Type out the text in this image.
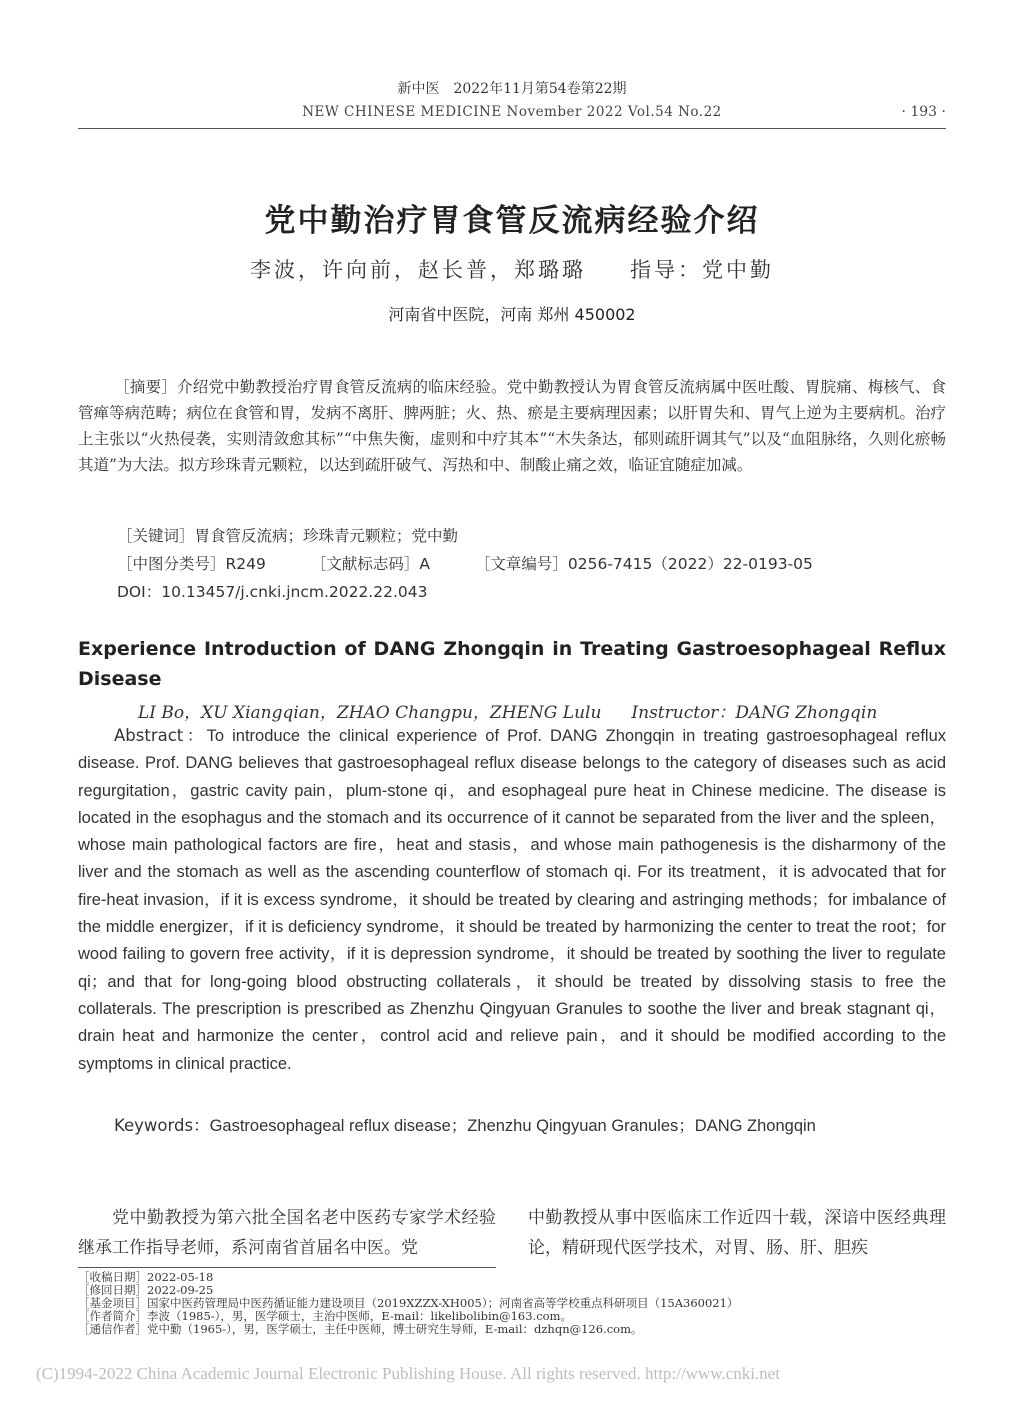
新中医　2022年11月第54卷第22期
NEW CHINESE MEDICINE November 2022 Vol.54 No.22	· 193 ·
党中勤治疗胃食管反流病经验介绍
李波，许向前，赵长普，郑璐璐 指导：党中勤
河南省中医院，河南 郑州 450002
［摘要］介绍党中勤教授治疗胃食管反流病的临床经验。党中勤教授认为胃食管反流病属中医吐酸、胃脘痛、梅核气、食管瘅等病范畴；病位在食管和胃，发病不离肝、脾两脏；火、热、瘀是主要病理因素；以肝胃失和、胃气上逆为主要病机。治疗上主张以“火热侵袭，实则清敛愈其标”“中焦失衡，虚则和中疗其本”“木失条达，郁则疏肝调其气”以及“血阻脉络，久则化瘀畅其道”为大法。拟方珍珠青元颗粒，以达到疏肝破气、泻热和中、制酸止痛之效，临证宜随症加减。
［关键词］胃食管反流病；珍珠青元颗粒；党中勤
［中图分类号］R249	［文献标志码］A	［文章编号］0256-7415（2022）22-0193-05
DOI：10.13457/j.cnki.jncm.2022.22.043
Experience Introduction of DANG Zhongqin in Treating Gastroesophageal Reflux Disease
LI Bo，XU Xiangqian，ZHAO Changpu，ZHENG Lulu Instructor：DANG Zhongqin
Abstract：To introduce the clinical experience of Prof. DANG Zhongqin in treating gastroesophageal reflux disease. Prof. DANG believes that gastroesophageal reflux disease belongs to the category of diseases such as acid regurgitation，gastric cavity pain，plum-stone qi，and esophageal pure heat in Chinese medicine. The disease is located in the esophagus and the stomach and its occurrence of it cannot be separated from the liver and the spleen，whose main pathological factors are fire，heat and stasis，and whose main pathogenesis is the disharmony of the liver and the stomach as well as the ascending counterflow of stomach qi. For its treatment，it is advocated that for fire-heat invasion，if it is excess syndrome，it should be treated by clearing and astringing methods；for imbalance of the middle energizer，if it is deficiency syndrome，it should be treated by harmonizing the center to treat the root；for wood failing to govern free activity，if it is depression syndrome，it should be treated by soothing the liver to regulate qi；and that for long-going blood obstructing collaterals，it should be treated by dissolving stasis to free the collaterals. The prescription is prescribed as Zhenzhu Qingyuan Granules to soothe the liver and break stagnant qi，drain heat and harmonize the center，control acid and relieve pain，and it should be modified according to the symptoms in clinical practice.
Keywords：Gastroesophageal reflux disease；Zhenzhu Qingyuan Granules；DANG Zhongqin
党中勤教授为第六批全国名老中医药专家学术经验继承工作指导老师，系河南省首届名中医。党
中勤教授从事中医临床工作近四十载，深谙中医经典理论，精研现代医学技术，对胃、肠、肝、胆疾
［收稿日期］2022-05-18
［修回日期］2022-09-25
［基金项目］国家中医药管理局中医药循证能力建设项目（2019XZZX-XH005）；河南省高等学校重点科研项目（15A360021）
［作者简介］李波（1985-），男，医学硕士，主治中医师，E-mail：likelibolibin@163.com。
［通信作者］党中勤（1965-），男，医学硕士，主任中医师，博士研究生导师，E-mail：dzhqn@126.com。
(C)1994-2022 China Academic Journal Electronic Publishing House. All rights reserved. http://www.cnki.net
